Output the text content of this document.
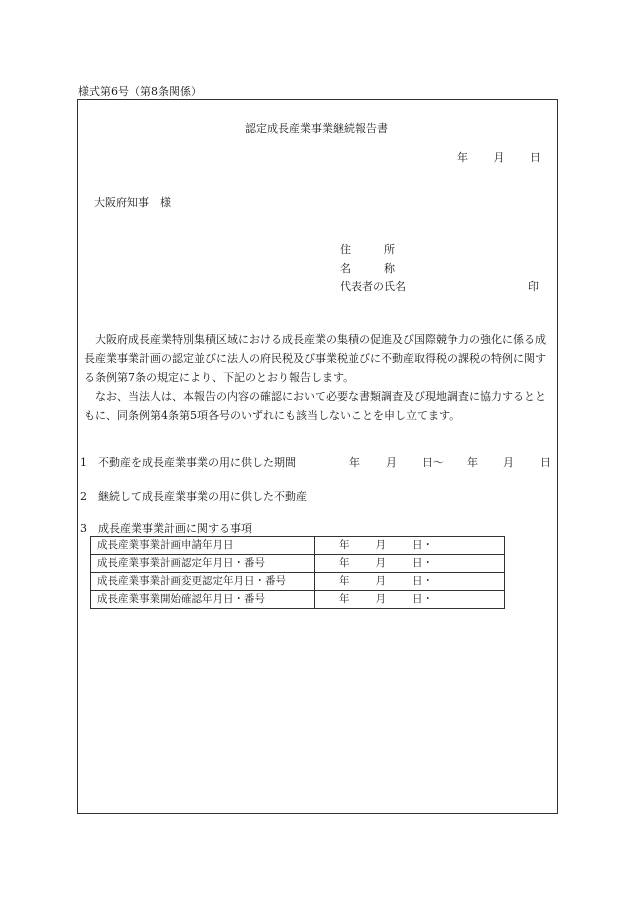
様式第6号（第8条関係）
認定成長産業事業継続報告書
年 月 日
大阪府知事　様
住　　　所
名　　　称
代表者の氏名	印

大阪府成長産業特別集積区域における成長産業の集積の促進及び国際競争力の強化に係る成長産業事業計画の認定並びに法人の府民税及び事業税並びに不動産取得税の課税の特例に関する条例第7条の規定により、下記のとおり報告します。

なお、当法人は、本報告の内容の確認において必要な書類調査及び現地調査に協力するとともに、同条例第4条第5項各号のいずれにも該当しないことを申し立てます。

1　不動産を成長産業事業の用に供した期間	年 月 日〜 年 月 日
2　継続して成長産業事業の用に供した不動産
3　成長産業事業計画に関する事項
成長産業事業計画申請年月日	年 月 日・
成長産業事業計画認定年月日・番号	年 月 日・
成長産業事業計画変更認定年月日・番号	年 月 日・
成長産業事業開始確認年月日・番号	年 月 日・
